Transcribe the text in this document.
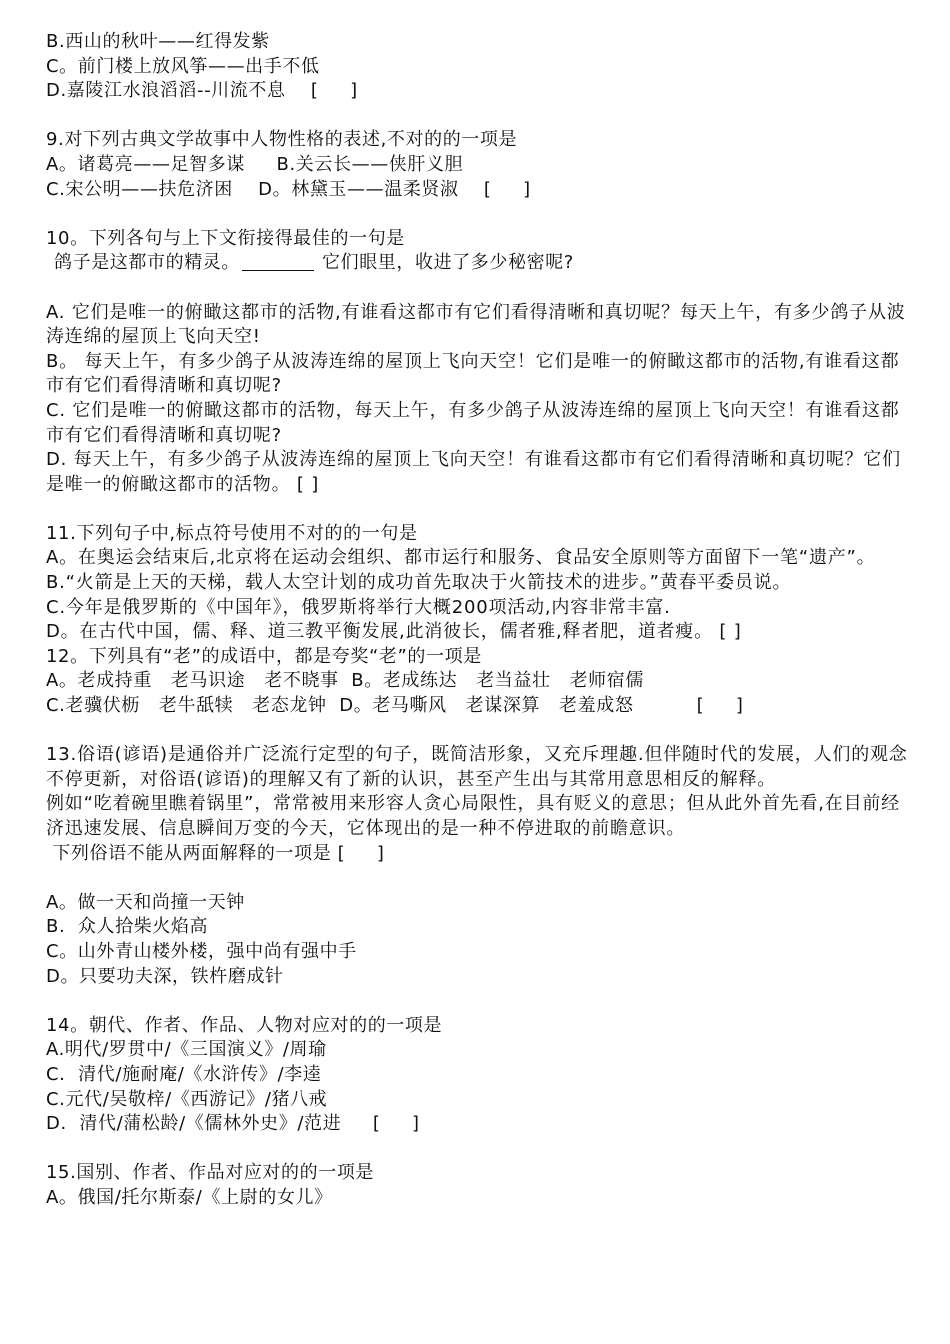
B.西山的秋叶——红得发紫
C。前门楼上放风筝——出手不低
D.嘉陵江水浪滔滔--川流不息    [     ]
9.对下列古典文学故事中人物性格的表述,不对的的一项是
A。诸葛亮——足智多谋     B.关云长——侠肝义胆
C.宋公明——扶危济困    D。林黛玉——温柔贤淑    [     ]
10。下列各句与上下文衔接得最佳的一句是
鸽子是这都市的精灵。	它们眼里，收进了多少秘密呢?
A. 它们是唯一的俯瞰这都市的活物,有谁看这都市有它们看得清晰和真切呢？每天上午，有多少鸽子从波涛连绵的屋顶上飞向天空!
B。 每天上午，有多少鸽子从波涛连绵的屋顶上飞向天空！它们是唯一的俯瞰这都市的活物,有谁看这都市有它们看得清晰和真切呢?
C. 它们是唯一的俯瞰这都市的活物，每天上午，有多少鸽子从波涛连绵的屋顶上飞向天空！有谁看这都市有它们看得清晰和真切呢?
D. 每天上午，有多少鸽子从波涛连绵的屋顶上飞向天空！有谁看这都市有它们看得清晰和真切呢？它们是唯一的俯瞰这都市的活物。 [ ]
11.下列句子中,标点符号使用不对的的一句是
A。在奥运会结束后,北京将在运动会组织、都市运行和服务、食品安全原则等方面留下一笔“遗产”。
B.“火箭是上天的天梯，载人太空计划的成功首先取决于火箭技术的进步。”黄春平委员说。
C.今年是俄罗斯的《中国年》，俄罗斯将举行大概200项活动,内容非常丰富.
D。在古代中国，儒、释、道三教平衡发展,此消彼长，儒者雅,释者肥，道者瘦。 [ ]
12。下列具有“老”的成语中，都是夸奖“老”的一项是
A。老成持重   老马识途   老不晓事  B。老成练达   老当益壮   老师宿儒
C.老骥伏枥   老牛舐犊   老态龙钟  D。老马嘶风   老谋深算   老羞成怒          [     ]
13.俗语(谚语)是通俗并广泛流行定型的句子，既简洁形象，又充斥理趣.但伴随时代的发展，人们的观念不停更新，对俗语(谚语)的理解又有了新的认识，甚至产生出与其常用意思相反的解释。
例如“吃着碗里瞧着锅里”，常常被用来形容人贪心局限性，具有贬义的意思；但从此外首先看,在目前经济迅速发展、信息瞬间万变的今天，它体现出的是一种不停进取的前瞻意识。
下列俗语不能从两面解释的一项是 [     ]
A。做一天和尚撞一天钟
B.  众人拾柴火焰高
C。山外青山楼外楼，强中尚有强中手
D。只要功夫深，铁杵磨成针
14。朝代、作者、作品、人物对应对的的一项是
A.明代/罗贯中/《三国演义》/周瑜
C.  清代/施耐庵/《水浒传》/李逵
C.元代/吴敬梓/《西游记》/猪八戒
D.  清代/蒲松龄/《儒林外史》/范进     [     ]
15.国别、作者、作品对应对的的一项是
A。俄国/托尔斯泰/《上尉的女儿》
